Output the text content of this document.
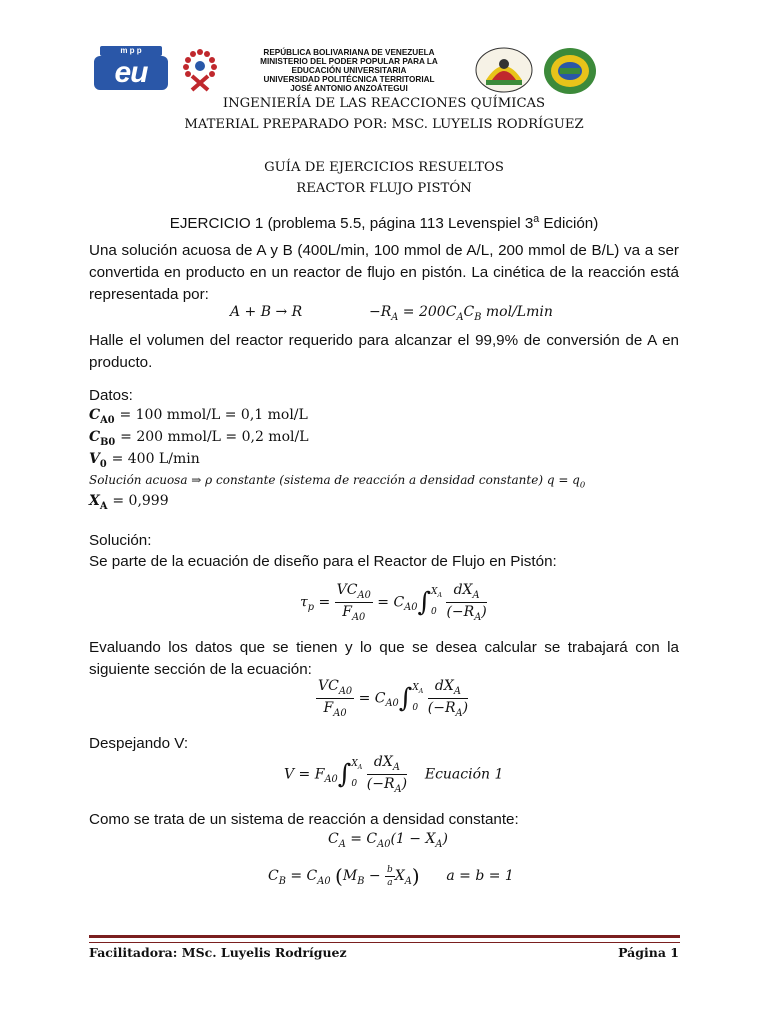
m p p
eu
REPÚBLICA BOLIVARIANA DE VENEZUELA
MINISTERIO DEL PODER POPULAR PARA LA
EDUCACIÓN UNIVERSITARIA
UNIVERSIDAD POLITÉCNICA TERRITORIAL
JOSÉ ANTONIO ANZOÁTEGUI
INGENIERÍA DE LAS REACCIONES QUÍMICAS
MATERIAL PREPARADO POR: MSC. LUYELIS RODRÍGUEZ
GUÍA DE EJERCICIOS RESUELTOS
REACTOR FLUJO PISTÓN
EJERCICIO 1 (problema 5.5, página 113 Levenspiel 3$^a$ Edición)
Una solución acuosa de A y B (400L/min, 100 mmol de A/L, 200 mmol de B/L) va a ser convertida en producto en un reactor de flujo en pistón. La cinética de la reacción está representada por:
A + B → R	$-R_A = 200C_AC_B$ mol/Lmin
Halle el volumen del reactor requerido para alcanzar el 99,9% de conversión de A en producto.
Datos:
$C_{A0} = 100$ mmol/L = 0,1 mol/L
$C_{B0} = 200$ mmol/L = 0,2 mol/L
$V_0 = 400$ L/min
Solución acuosa ⇒ ρ constante (sistema de reacción a densidad constante) $q = q_0$
$X_A = 0,999$
Solución:
Se parte de la ecuación de diseño para el Reactor de Flujo en Pistón:
$\tau_p = \frac{VC_{A0}}{F_{A0}} = C_{A0}\int X_A$
$0 \frac{dX_A}{(-R_A)}$
Evaluando los datos que se tienen y lo que se desea calcular se trabajará con la siguiente sección de la ecuación:
$\frac{VC_{A0}}{F_{A0}} = C_{A0}\int X_A$
$0 \frac{dX_A}{(-R_A)}$
Despejando V:
$V = F_{A0}\int X_A$
$0 \frac{dX_A}{(-R_A)}$ Ecuación 1
Como se trata de un sistema de reacción a densidad constante:
$C_A = C_{A0}(1 - X_A)$
$C_B = C_{A0}$ $(M_B - \frac{b}{a} X_A) a = b = 1$
Facilitadora: MSc. Luyelis Rodríguez	Página 1
